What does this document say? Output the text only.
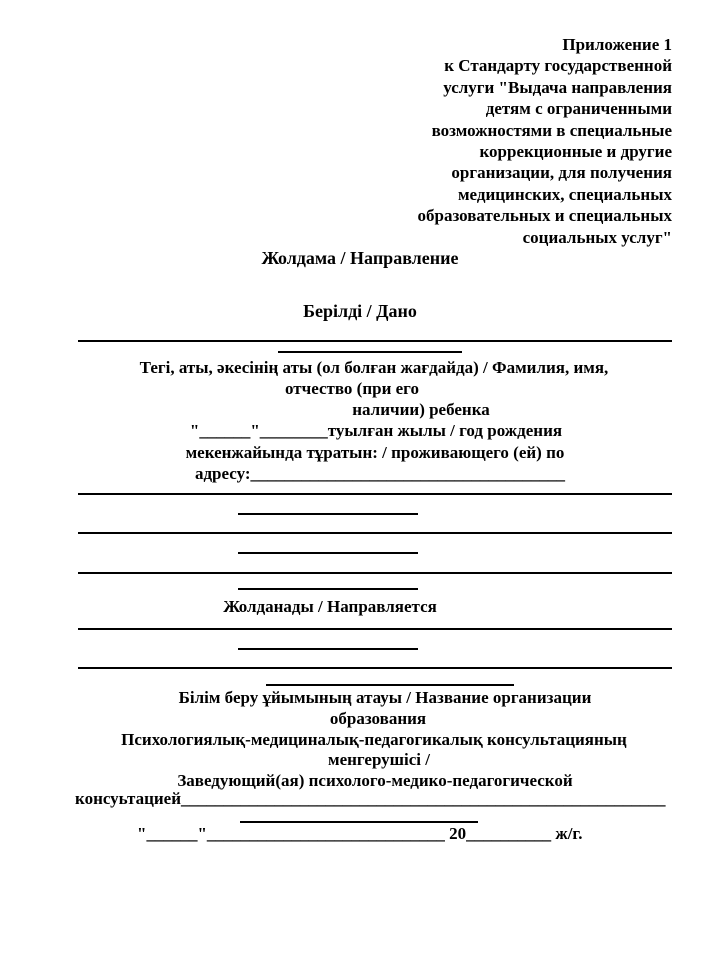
Приложение 1
к Стандарту государственной
услуги "Выдача направления
детям с ограниченными
возможностями в специальные
коррекционные и другие
организации, для получения
медицинских, специальных
образовательных и специальных
социальных услуг"
Жолдама / Направление
Берілді / Дано
Тегі, аты, әкесінің аты (ол болған жағдайда) / Фамилия, имя,
отчество (при его
наличии) ребенка
"______"________туылған жылы / год рождения
мекенжайында тұратын: / проживающего (ей) по
адресу:_____________________________________
Жолданады / Направляется
Білім беру ұйымының атауы / Название организации
образования
Психологиялық-медициналық-педагогикалық консультацияның
менгерушісі /
Заведующий(ая) психолого-медико-педагогической
консуьтацией_________________________________________________________
"______"____________________________ 20__________ ж/г.
